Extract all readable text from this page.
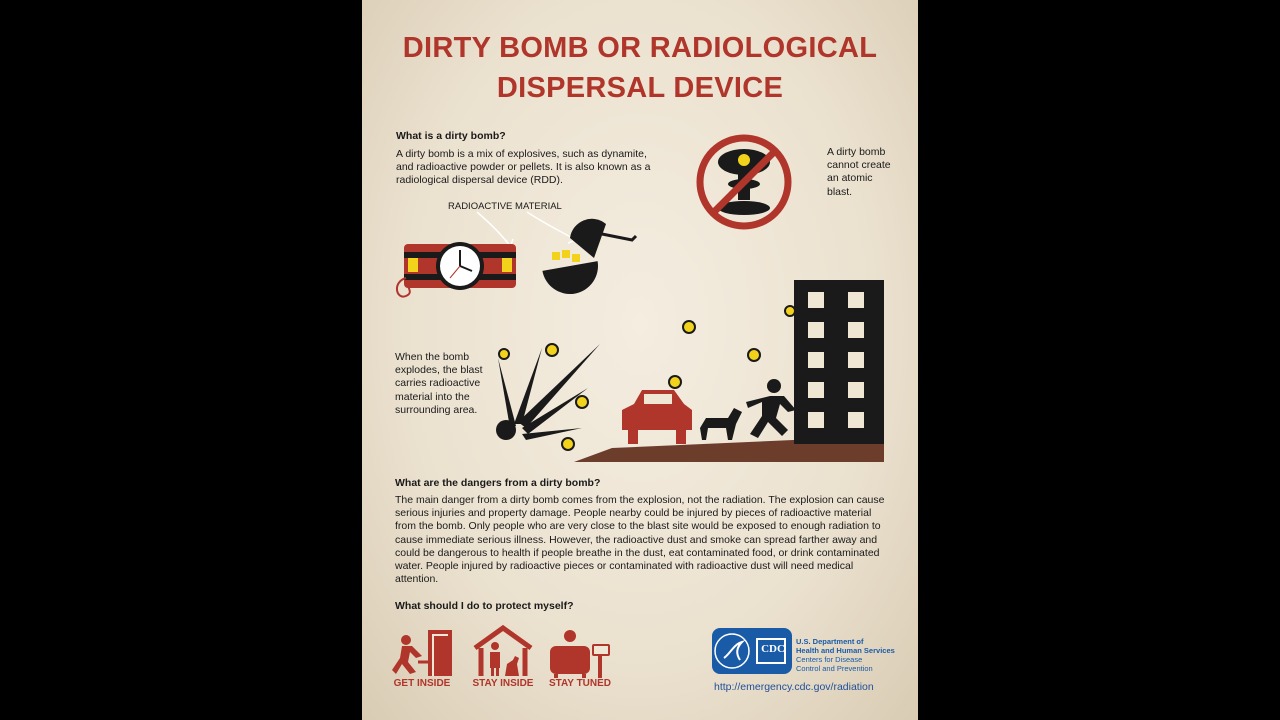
DIRTY BOMB OR RADIOLOGICAL
DISPERSAL DEVICE
What is a dirty bomb?
A dirty bomb is a mix of explosives, such as dynamite, and radioactive powder or pellets. It is also known as a radiological dispersal device (RDD).
RADIOACTIVE MATERIAL
A dirty bomb cannot create an atomic blast.
When the bomb explodes, the blast carries radioactive material into the surrounding area.
What are the dangers from a dirty bomb?
The main danger from a dirty bomb comes from the explosion, not the radiation. The explosion can cause serious injuries and property damage. People nearby could be injured by pieces of radioactive material from the bomb. Only people who are very close to the blast site would be exposed to enough radiation to cause immediate serious illness. However, the radioactive dust and smoke can spread farther away and could be dangerous to health if people breathe in the dust, eat contaminated food, or drink contaminated water. People injured by radioactive pieces or contaminated with radioactive dust will need medical attention.
What should I do to protect myself?
GET INSIDE	STAY INSIDE	STAY TUNED
CDC
U.S. Department of
Health and Human Services
Centers for Disease
Control and Prevention
http://emergency.cdc.gov/radiation
